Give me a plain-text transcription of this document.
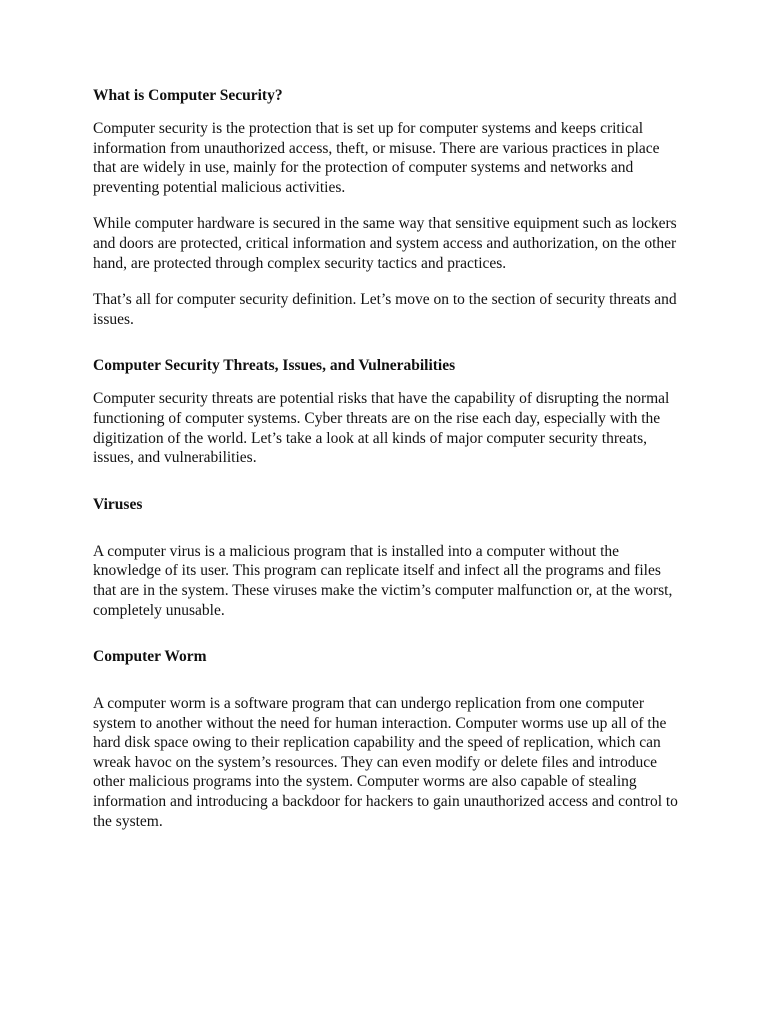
What is Computer Security?

Computer security is the protection that is set up for computer systems and keeps critical information from unauthorized access, theft, or misuse. There are various practices in place that are widely in use, mainly for the protection of computer systems and networks and preventing potential malicious activities.

While computer hardware is secured in the same way that sensitive equipment such as lockers and doors are protected, critical information and system access and authorization, on the other hand, are protected through complex security tactics and practices.

That’s all for computer security definition. Let’s move on to the section of security threats and issues.

Computer Security Threats, Issues, and Vulnerabilities

Computer security threats are potential risks that have the capability of disrupting the normal functioning of computer systems. Cyber threats are on the rise each day, especially with the digitization of the world. Let’s take a look at all kinds of major computer security threats, issues, and vulnerabilities.

Viruses

A computer virus is a malicious program that is installed into a computer without the knowledge of its user. This program can replicate itself and infect all the programs and files that are in the system. These viruses make the victim’s computer malfunction or, at the worst, completely unusable.

Computer Worm

A computer worm is a software program that can undergo replication from one computer system to another without the need for human interaction. Computer worms use up all of the hard disk space owing to their replication capability and the speed of replication, which can wreak havoc on the system’s resources. They can even modify or delete files and introduce other malicious programs into the system. Computer worms are also capable of stealing information and introducing a backdoor for hackers to gain unauthorized access and control to the system.
